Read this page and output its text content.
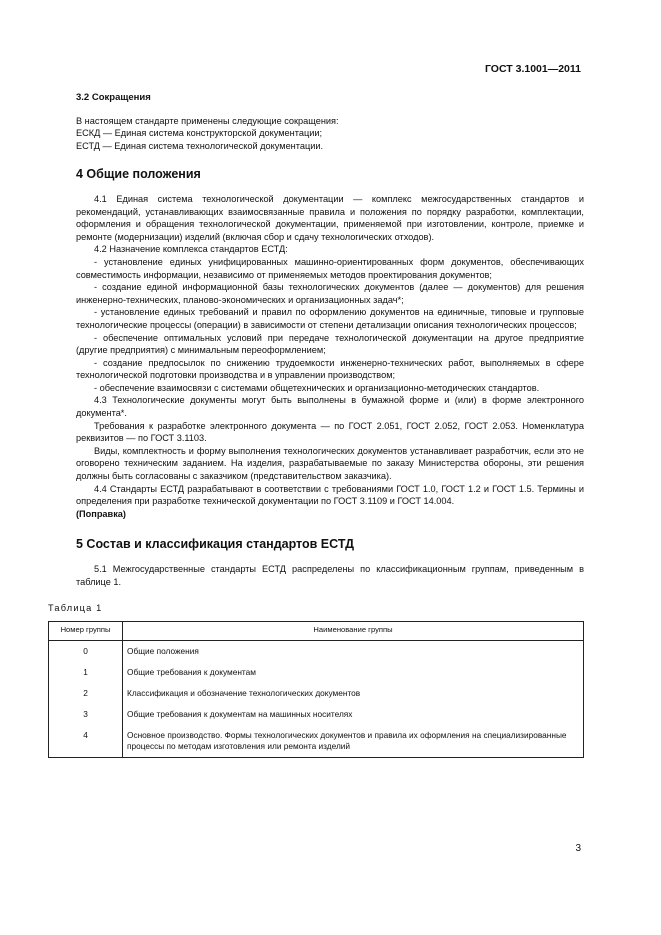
ГОСТ 3.1001—2011
3.2 Сокращения
В настоящем стандарте применены следующие сокращения:
ЕСКД — Единая система конструкторской документации;
ЕСТД — Единая система технологической документации.
4 Общие положения
4.1 Единая система технологической документации — комплекс межгосударственных стандартов и рекомендаций, устанавливающих взаимосвязанные правила и положения по порядку разработки, комплектации, оформления и обращения технологической документации, применяемой при изготовлении, контроле, приемке и ремонте (модернизации) изделий (включая сбор и сдачу технологических отходов).
4.2 Назначение комплекса стандартов ЕСТД:
- установление единых унифицированных машинно-ориентированных форм документов, обеспечивающих совместимость информации, независимо от применяемых методов проектирования документов;
- создание единой информационной базы технологических документов (далее — документов) для решения инженерно-технических, планово-экономических и организационных задач*;
- установление единых требований и правил по оформлению документов на единичные, типовые и групповые технологические процессы (операции) в зависимости от степени детализации описания технологических процессов;
- обеспечение оптимальных условий при передаче технологической документации на другое предприятие (другие предприятия) с минимальным переоформлением;
- создание предпосылок по снижению трудоемкости инженерно-технических работ, выполняемых в сфере технологической подготовки производства и в управлении производством;
- обеспечение взаимосвязи с системами общетехнических и организационно-методических стандартов.
4.3 Технологические документы могут быть выполнены в бумажной форме и (или) в форме электронного документа*.
Требования к разработке электронного документа — по ГОСТ 2.051, ГОСТ 2.052, ГОСТ 2.053. Номенклатура реквизитов — по ГОСТ 3.1103.
Виды, комплектность и форму выполнения технологических документов устанавливает разработчик, если это не оговорено техническим заданием. На изделия, разрабатываемые по заказу Министерства обороны, эти решения должны быть согласованы с заказчиком (представительством заказчика).
4.4 Стандарты ЕСТД разрабатывают в соответствии с требованиями ГОСТ 1.0, ГОСТ 1.2 и ГОСТ 1.5. Термины и определения при разработке технической документации по ГОСТ 3.1109 и ГОСТ 14.004.
(Поправка)
5 Состав и классификация стандартов ЕСТД
5.1 Межгосударственные стандарты ЕСТД распределены по классификационным группам, приведенным в таблице 1.
Таблица 1
Номер группы	Наименование группы
0	Общие положения
1	Общие требования к документам
2	Классификация и обозначение технологических документов
3	Общие требования к документам на машинных носителях
4	Основное производство. Формы технологических документов и правила их оформления на специализированные процессы по методам изготовления или ремонта изделий
3
